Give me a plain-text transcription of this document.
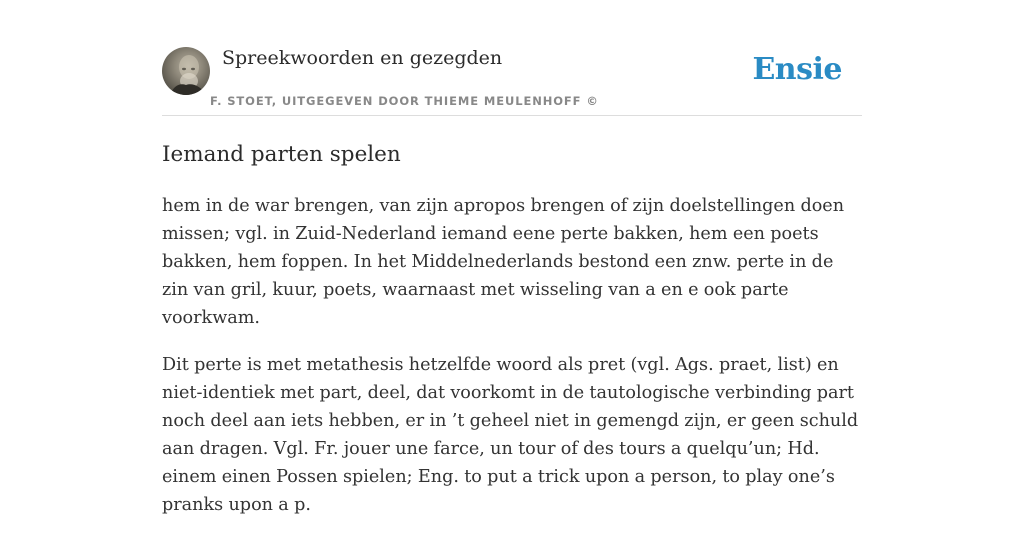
Spreekwoorden en gezegden
F. STOET, UITGEGEVEN DOOR THIEME MEULENHOFF ©
Ensie
Iemand parten spelen

hem in de war brengen, van zijn apropos brengen of zijn doelstellingen doen missen; vgl. in Zuid-Nederland iemand eene perte bakken, hem een poets bakken, hem foppen. In het Middelnederlands bestond een znw. perte in de zin van gril, kuur, poets, waarnaast met wisseling van a en e ook parte voorkwam.

Dit perte is met metathesis hetzelfde woord als pret (vgl. Ags. praet, list) en niet-identiek met part, deel, dat voorkomt in de tautologische verbinding part noch deel aan iets hebben, er in ’t geheel niet in gemengd zijn, er geen schuld aan dragen. Vgl. Fr. jouer une farce, un tour of des tours a quelqu’un; Hd. einem einen Possen spielen; Eng. to put a trick upon a person, to play one’s pranks upon a p.
